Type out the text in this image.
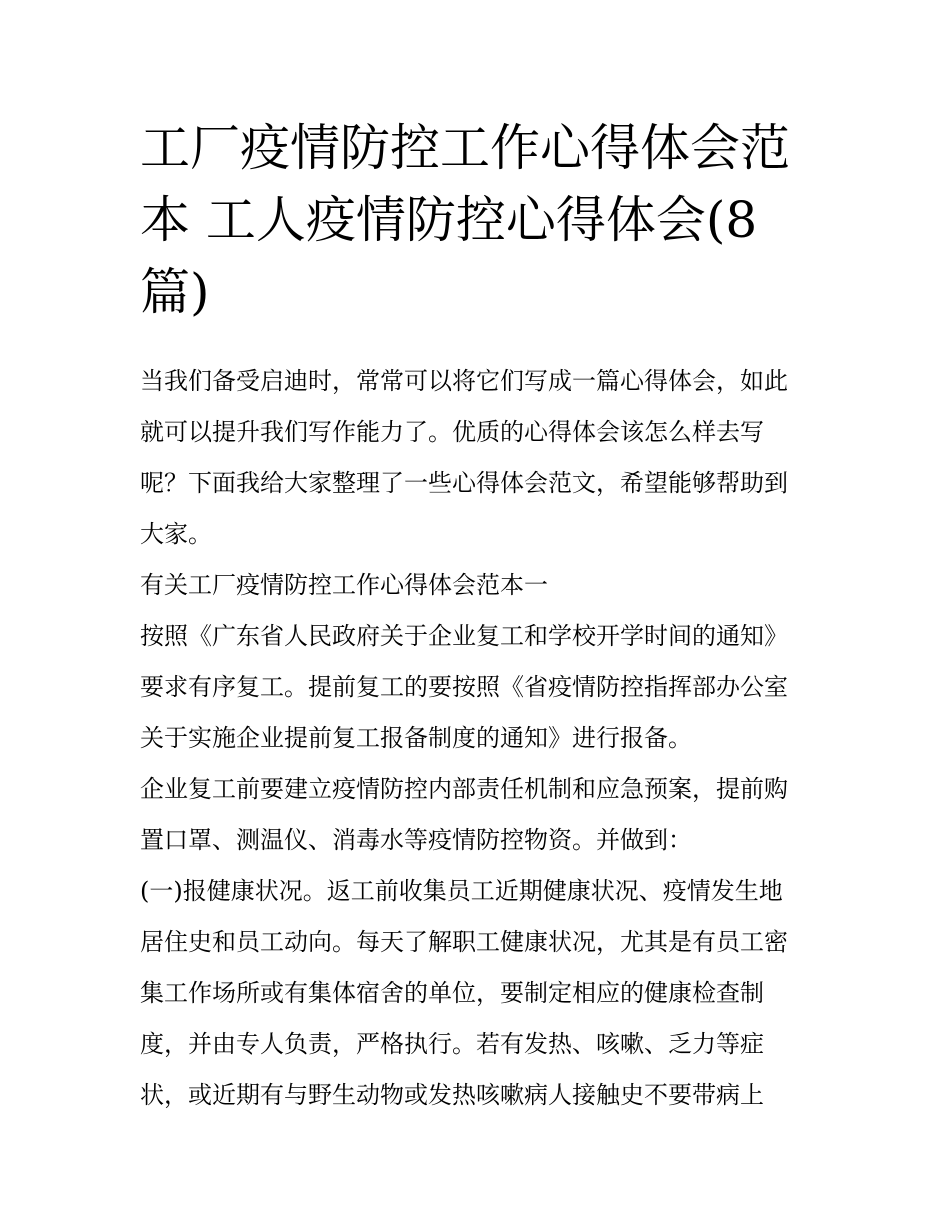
工厂疫情防控工作心得体会范
本 工人疫情防控心得体会(8
篇)
当我们备受启迪时，常常可以将它们写成一篇心得体会，如此
就可以提升我们写作能力了。优质的心得体会该怎么样去写
呢？下面我给大家整理了一些心得体会范文，希望能够帮助到
大家。
有关工厂疫情防控工作心得体会范本一
按照《广东省人民政府关于企业复工和学校开学时间的通知》
要求有序复工。提前复工的要按照《省疫情防控指挥部办公室
关于实施企业提前复工报备制度的通知》进行报备。
企业复工前要建立疫情防控内部责任机制和应急预案，提前购
置口罩、测温仪、消毒水等疫情防控物资。并做到：
(一)报健康状况。返工前收集员工近期健康状况、疫情发生地
居住史和员工动向。每天了解职工健康状况，尤其是有员工密
集工作场所或有集体宿舍的单位，要制定相应的健康检查制
度，并由专人负责，严格执行。若有发热、咳嗽、乏力等症
状，或近期有与野生动物或发热咳嗽病人接触史不要带病上
